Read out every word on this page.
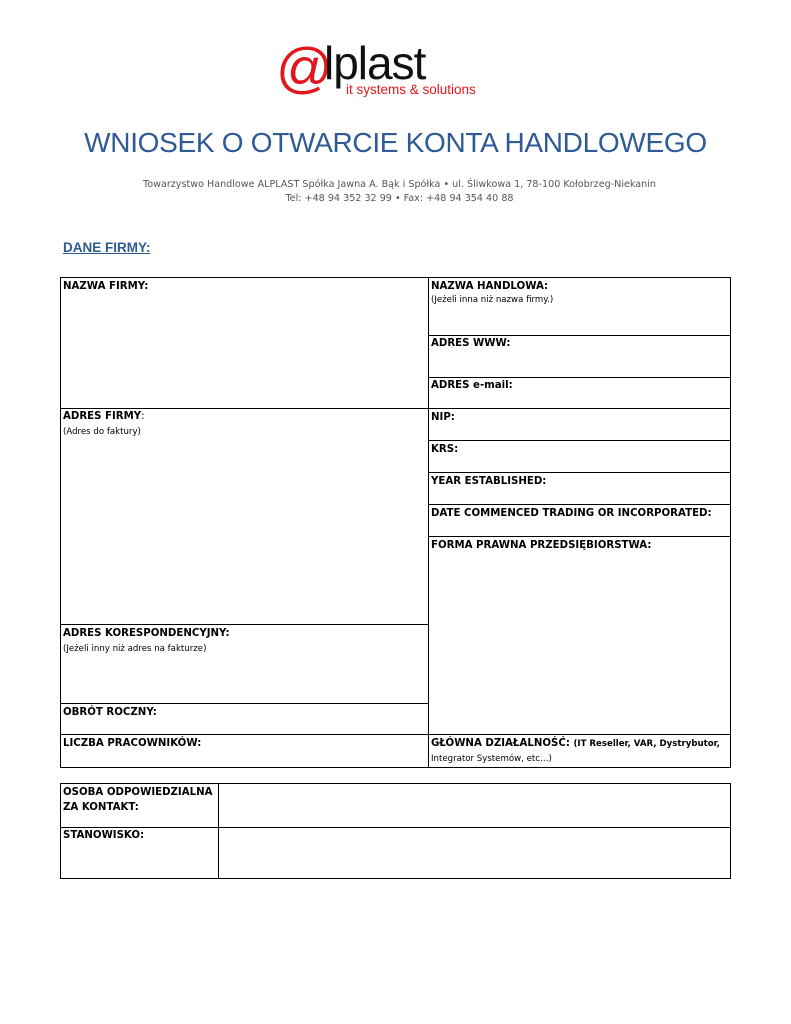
@
lplast
it systems & solutions
WNIOSEK O OTWARCIE KONTA HANDLOWEGO
Towarzystwo Handlowe ALPLAST Spółka Jawna A. Bąk i Spółka • ul. Śliwkowa 1, 78-100 Kołobrzeg-Niekanin
Tel: +48 94 352 32 99 • Fax: +48 94 354 40 88
DANE FIRMY:
NAZWA FIRMY:
ADRES FIRMY:
(Adres do faktury)
ADRES KORESPONDENCYJNY:
(Jeżeli inny niż adres na fakturze)
OBRÓT ROCZNY:
LICZBA PRACOWNIKÓW:
NAZWA HANDLOWA:
(Jeżeli inna niż nazwa firmy.)
ADRES WWW:
ADRES e-mail:
NIP:
KRS:
YEAR ESTABLISHED:
DATE COMMENCED TRADING OR INCORPORATED:
FORMA PRAWNA PRZEDSIĘBIORSTWA:
GŁÓWNA DZIAŁALNOŚĆ: (IT Reseller, VAR, Dystrybutor,
Integrator Systemów, etc…)
OSOBA ODPOWIEDZIALNA
ZA KONTAKT:
STANOWISKO:
